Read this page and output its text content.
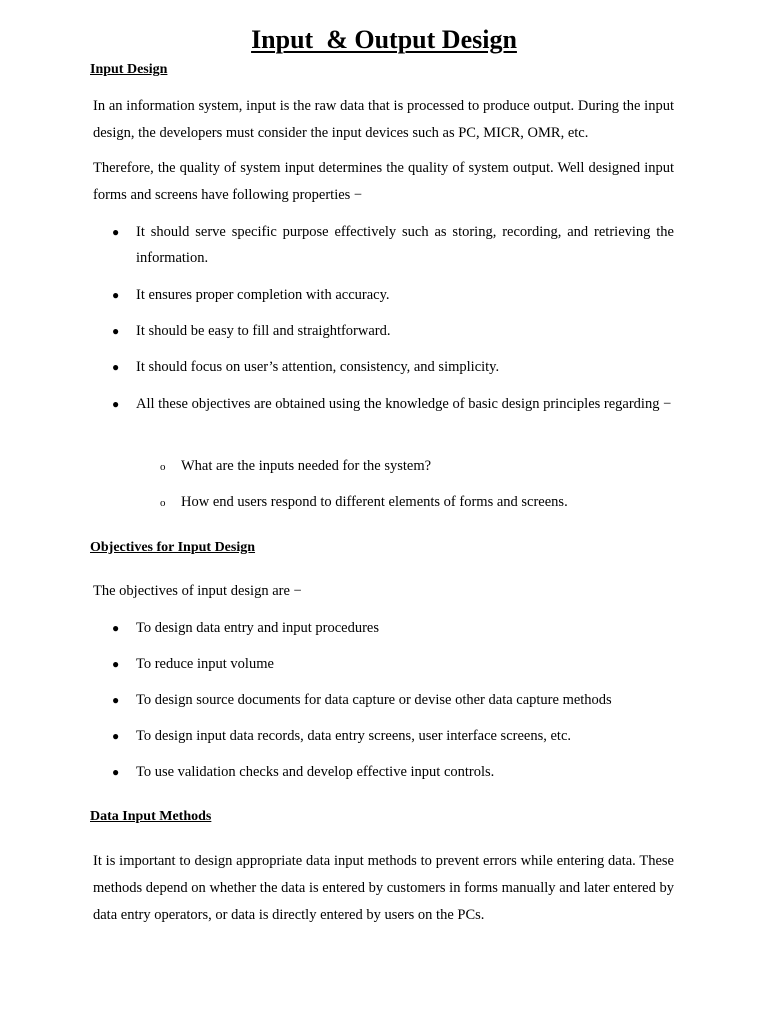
Input  & Output Design
Input Design

In an information system, input is the raw data that is processed to produce output. During the input design, the developers must consider the input devices such as PC, MICR, OMR, etc.

Therefore, the quality of system input determines the quality of system output. Well designed input forms and screens have following properties −

●	It should serve specific purpose effectively such as storing, recording, and retrieving the information.
●	It ensures proper completion with accuracy.
●	It should be easy to fill and straightforward.
●	It should focus on user’s attention, consistency, and simplicity.
●	All these objectives are obtained using the knowledge of basic design principles regarding −
o What are the inputs needed for the system?
o How end users respond to different elements of forms and screens.
Objectives for Input Design

The objectives of input design are −

●	To design data entry and input procedures
●	To reduce input volume
●	To design source documents for data capture or devise other data capture methods
●	To design input data records, data entry screens, user interface screens, etc.
●	To use validation checks and develop effective input controls.
Data Input Methods

It is important to design appropriate data input methods to prevent errors while entering data. These methods depend on whether the data is entered by customers in forms manually and later entered by data entry operators, or data is directly entered by users on the PCs.
